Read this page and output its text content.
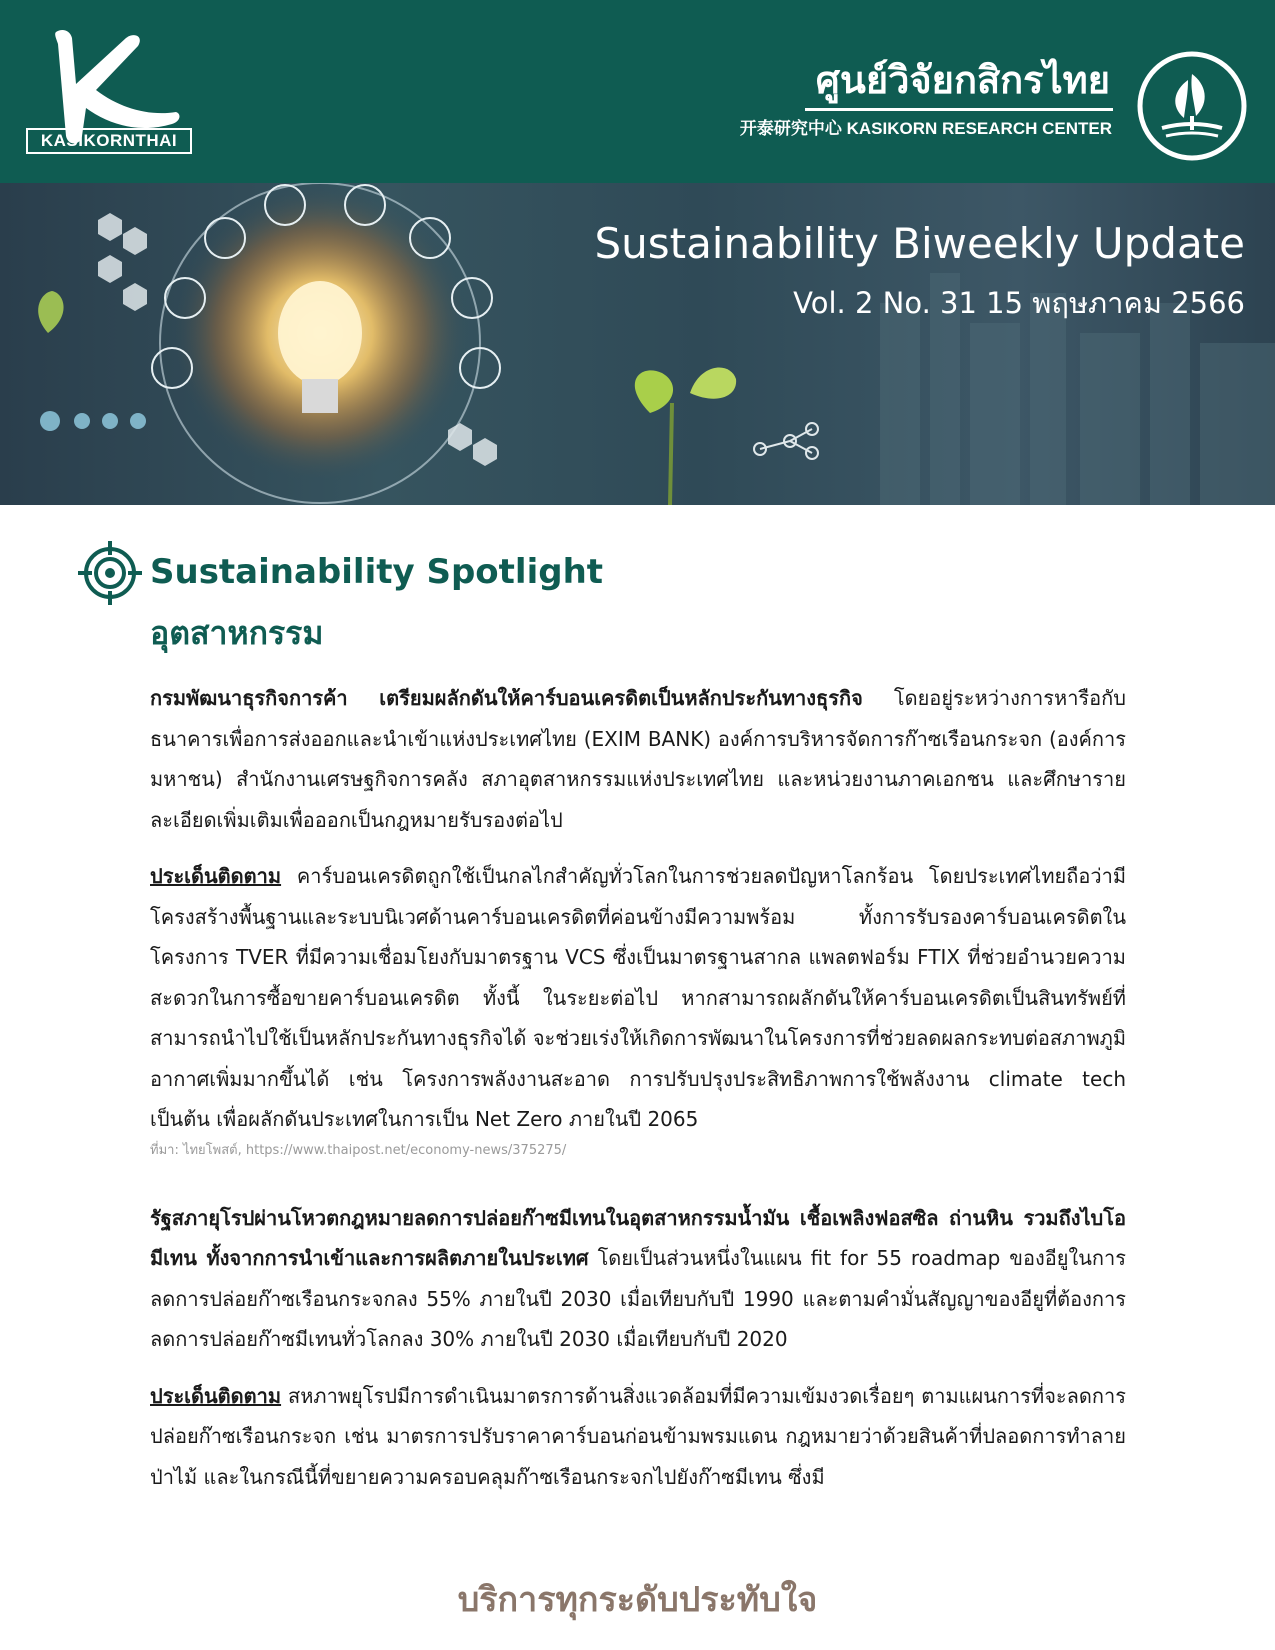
KASIKORNTHAI
ศูนย์วิจัยกสิกรไทย
开泰研究中心 KASIKORN RESEARCH CENTER
Sustainability Biweekly Update
Vol. 2 No. 31 15 พฤษภาคม 2566
Sustainability Spotlight
อุตสาหกรรม

กรมพัฒนาธุรกิจการค้า เตรียมผลักดันให้คาร์บอนเครดิตเป็นหลักประกันทางธุรกิจ โดยอยู่ระหว่างการหารือกับธนาคารเพื่อการส่งออกและนำเข้าแห่งประเทศไทย (EXIM BANK) องค์การบริหารจัดการก๊าซเรือนกระจก (องค์การมหาชน) สำนักงานเศรษฐกิจการคลัง สภาอุตสาหกรรมแห่งประเทศไทย และหน่วยงานภาคเอกชน และศึกษารายละเอียดเพิ่มเติมเพื่อออกเป็นกฎหมายรับรองต่อไป

ประเด็นติดตาม คาร์บอนเครดิตถูกใช้เป็นกลไกสำคัญทั่วโลกในการช่วยลดปัญหาโลกร้อน โดยประเทศไทยถือว่ามีโครงสร้างพื้นฐานและระบบนิเวศด้านคาร์บอนเครดิตที่ค่อนข้างมีความพร้อม ทั้งการรับรองคาร์บอนเครดิตในโครงการ TVER ที่มีความเชื่อมโยงกับมาตรฐาน VCS ซึ่งเป็นมาตรฐานสากล แพลตฟอร์ม FTIX ที่ช่วยอำนวยความสะดวกในการซื้อขายคาร์บอนเครดิต ทั้งนี้ ในระยะต่อไป หากสามารถผลักดันให้คาร์บอนเครดิตเป็นสินทรัพย์ที่สามารถนำไปใช้เป็นหลักประกันทางธุรกิจได้ จะช่วยเร่งให้เกิดการพัฒนาในโครงการที่ช่วยลดผลกระทบต่อสภาพภูมิอากาศเพิ่มมากขึ้นได้ เช่น โครงการพลังงานสะอาด การปรับปรุงประสิทธิภาพการใช้พลังงาน climate tech เป็นต้น เพื่อผลักดันประเทศในการเป็น Net Zero ภายในปี 2065

ที่มา: ไทยโพสต์, https://www.thaipost.net/economy-news/375275/

รัฐสภายุโรปผ่านโหวตกฎหมายลดการปล่อยก๊าซมีเทนในอุตสาหกรรมน้ำมัน เชื้อเพลิงฟอสซิล ถ่านหิน รวมถึงไบโอมีเทน ทั้งจากการนำเข้าและการผลิตภายในประเทศ โดยเป็นส่วนหนึ่งในแผน fit for 55 roadmap ของอียูในการลดการปล่อยก๊าซเรือนกระจกลง 55% ภายในปี 2030 เมื่อเทียบกับปี 1990 และตามคำมั่นสัญญาของอียูที่ต้องการลดการปล่อยก๊าซมีเทนทั่วโลกลง 30% ภายในปี 2030 เมื่อเทียบกับปี 2020

ประเด็นติดตาม สหภาพยุโรปมีการดำเนินมาตรการด้านสิ่งแวดล้อมที่มีความเข้มงวดเรื่อยๆ ตามแผนการที่จะลดการปล่อยก๊าซเรือนกระจก เช่น มาตรการปรับราคาคาร์บอนก่อนข้ามพรมแดน กฎหมายว่าด้วยสินค้าที่ปลอดการทำลายป่าไม้ และในกรณีนี้ที่ขยายความครอบคลุมก๊าซเรือนกระจกไปยังก๊าซมีเทน ซึ่งมี

บริการทุกระดับประทับใจ
